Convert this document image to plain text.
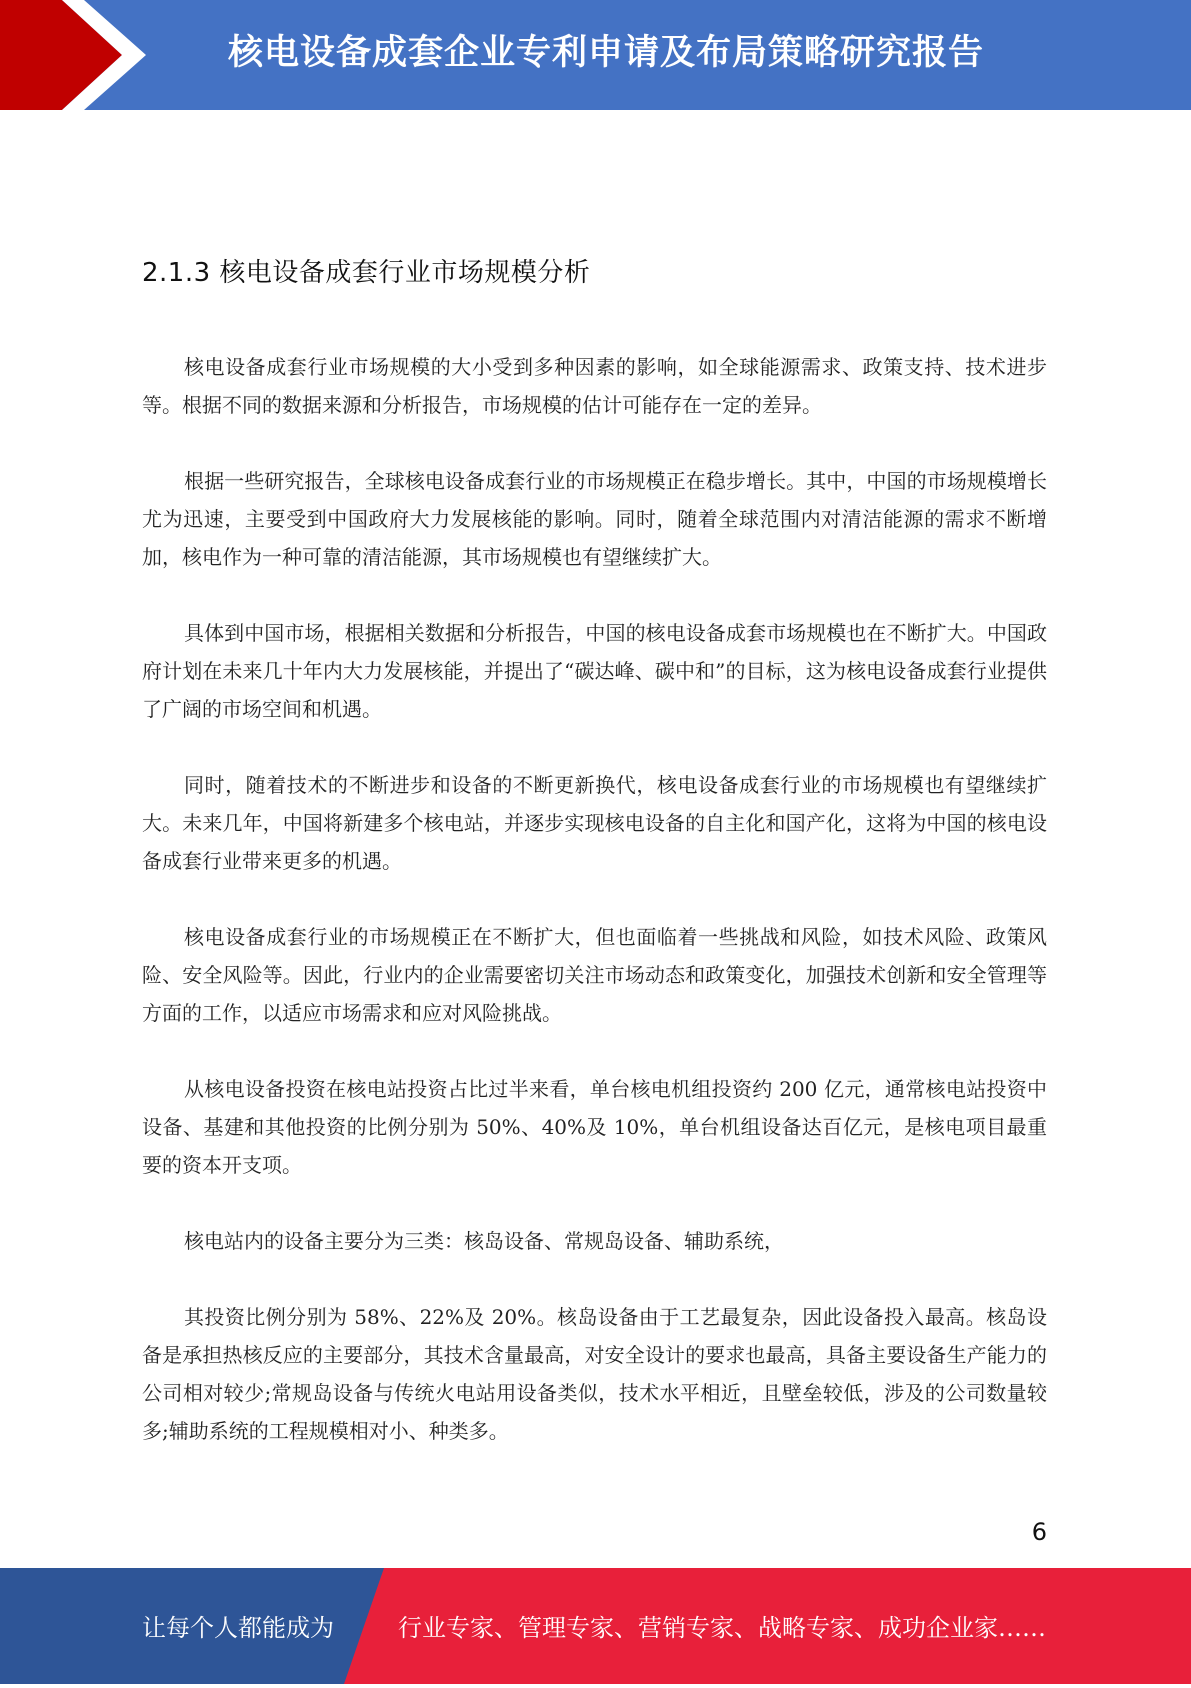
核电设备成套企业专利申请及布局策略研究报告
2.1.3 核电设备成套行业市场规模分析

核电设备成套行业市场规模的大小受到多种因素的影响，如全球能源需求、政策支持、技术进步等。根据不同的数据来源和分析报告，市场规模的估计可能存在一定的差异。

根据一些研究报告，全球核电设备成套行业的市场规模正在稳步增长。其中，中国的市场规模增长尤为迅速，主要受到中国政府大力发展核能的影响。同时，随着全球范围内对清洁能源的需求不断增加，核电作为一种可靠的清洁能源，其市场规模也有望继续扩大。

具体到中国市场，根据相关数据和分析报告，中国的核电设备成套市场规模也在不断扩大。中国政府计划在未来几十年内大力发展核能，并提出了“碳达峰、碳中和”的目标，这为核电设备成套行业提供了广阔的市场空间和机遇。

同时，随着技术的不断进步和设备的不断更新换代，核电设备成套行业的市场规模也有望继续扩大。未来几年，中国将新建多个核电站，并逐步实现核电设备的自主化和国产化，这将为中国的核电设备成套行业带来更多的机遇。

核电设备成套行业的市场规模正在不断扩大，但也面临着一些挑战和风险，如技术风险、政策风险、安全风险等。因此，行业内的企业需要密切关注市场动态和政策变化，加强技术创新和安全管理等方面的工作，以适应市场需求和应对风险挑战。

从核电设备投资在核电站投资占比过半来看，单台核电机组投资约 200 亿元，通常核电站投资中设备、基建和其他投资的比例分别为 50%、40%及 10%，单台机组设备达百亿元，是核电项目最重要的资本开支项。

核电站内的设备主要分为三类：核岛设备、常规岛设备、辅助系统，

其投资比例分别为 58%、22%及 20%。核岛设备由于工艺最复杂，因此设备投入最高。核岛设备是承担热核反应的主要部分，其技术含量最高，对安全设计的要求也最高，具备主要设备生产能力的公司相对较少;常规岛设备与传统火电站用设备类似，技术水平相近，且壁垒较低，涉及的公司数量较多;辅助系统的工程规模相对小、种类多。

6
让每个人都能成为	行业专家、管理专家、营销专家、战略专家、成功企业家……
